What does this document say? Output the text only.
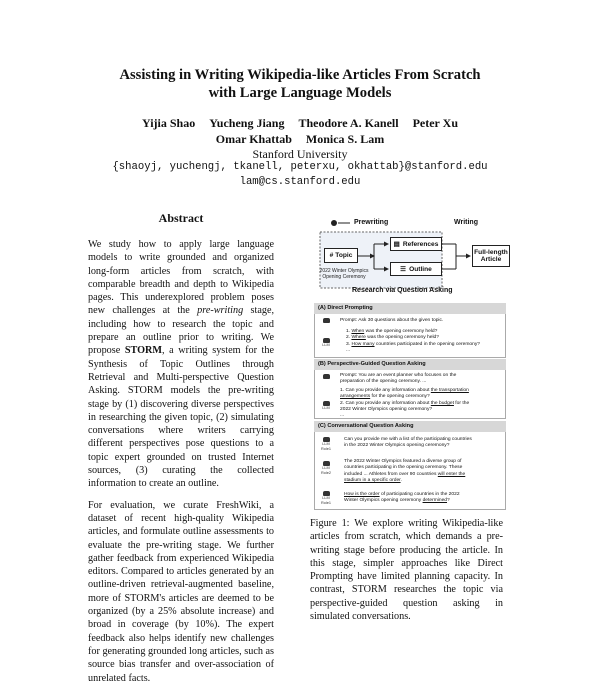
Assisting in Writing Wikipedia-like Articles From Scratch
with Large Language Models
Yijia Shao Yucheng Jiang Theodore A. Kanell Peter Xu
Omar Khattab Monica S. Lam
Stanford University
{shaoyj, yuchengj, tkanell, peterxu, okhattab}@stanford.edu
lam@cs.stanford.edu
Abstract

We study how to apply large language models to write grounded and organized long-form articles from scratch, with comparable breadth and depth to Wikipedia pages. This underexplored problem poses new challenges at the pre-writing stage, including how to research the topic and prepare an outline prior to writing. We propose STORM, a writing system for the Synthesis of Topic Outlines through Retrieval and Multi-perspective Question Asking. STORM models the pre-writing stage by (1) discovering diverse perspectives in researching the given topic, (2) simulating conversations where writers carrying different perspectives pose questions to a topic expert grounded on trusted Internet sources, (3) curating the collected information to create an outline.

For evaluation, we curate FreshWiki, a dataset of recent high-quality Wikipedia articles, and formulate outline assessments to evaluate the pre-writing stage. We further gather feedback from experienced Wikipedia editors. Compared to articles generated by an outline-driven retrieval-augmented baseline, more of STORM's articles are deemed to be organized (by a 25% absolute increase) and broad in coverage (by 10%). The expert feedback also helps identify new challenges for generating grounded long articles, such as source bias transfer and over-association of unrelated facts.

Prewriting	Writing
# Topic
2022 Winter Olympics
Opening Ceremony
▤ References
☰ Outline
Full-length
Article
Research via Question Asking
(A) Direct Prompting
Prompt: Ask 30 questions about the given topic.
LLM
1. When was the opening ceremony held?
2. Where was the opening ceremony held?
3. How many countries participated in the opening ceremony?
...
(B) Perspective-Guided Question Asking
Prompt: You are an event planner who focuses on the
preparation of the opening ceremony. ...
LLM
1. Can you provide any information about the transportation
arrangements for the opening ceremony?
2. Can you provide any information about the budget for the
2022 Winter Olympics opening ceremony?
...
(C) Conversational Question Asking
LLM
Role1
Can you provide me with a list of the participating countries
in the 2022 Winter Olympics opening ceremony?
LLM
Role2
The 2022 Winter Olympics featured a diverse group of
countries participating in the opening ceremony. These
included ... Athletes from over 90 countries will enter the
stadium in a specific order.
LLM
Role1
How is the order of participating countries in the 2022
Winter Olympics opening ceremony determined?
Figure 1: We explore writing Wikipedia-like articles from scratch, which demands a pre-writing stage before producing the article. In this stage, simpler approaches like Direct Prompting have limited planning capacity. In contrast, STORM researches the topic via perspective-guided question asking in simulated conversations.
